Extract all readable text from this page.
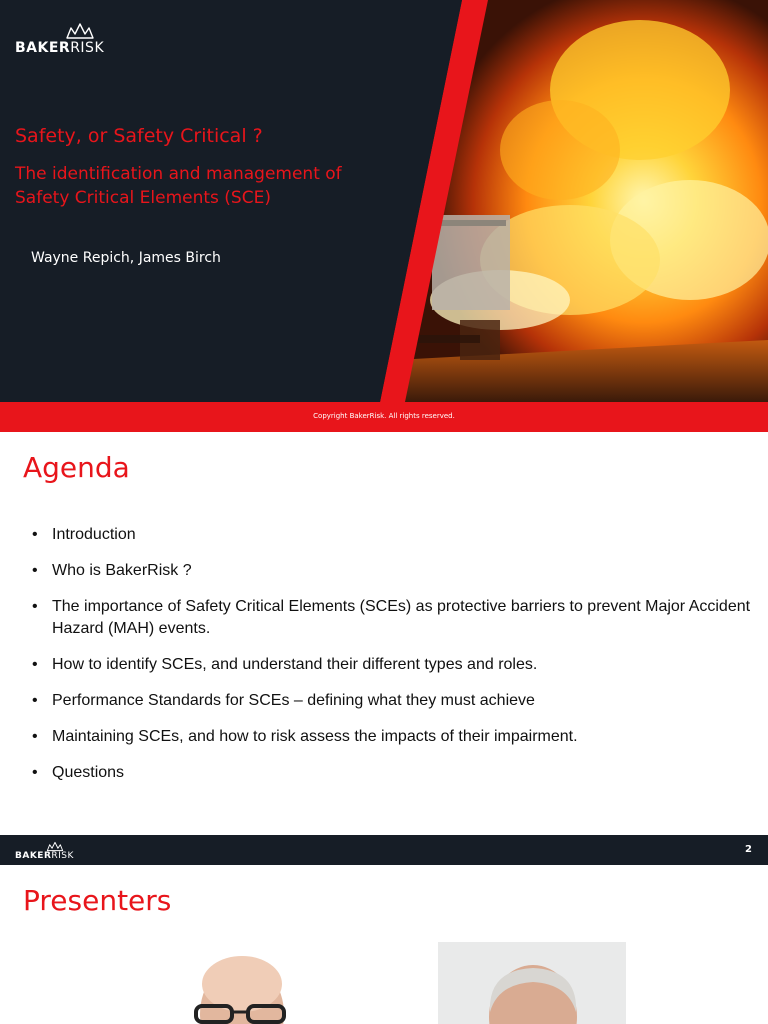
BAKERRISK
Safety, or Safety Critical ?
The identification and management of Safety Critical Elements (SCE)
Wayne Repich, James Birch
Copyright BakerRisk. All rights reserved.
Agenda
• Introduction
• Who is BakerRisk ?
• The importance of Safety Critical Elements (SCEs) as protective barriers to prevent Major Accident Hazard (MAH) events.
• How to identify SCEs, and understand their different types and roles.
• Performance Standards for SCEs – defining what they must achieve
• Maintaining SCEs, and how to risk assess the impacts of their impairment.
• Questions
BAKERRISK
2
Presenters
